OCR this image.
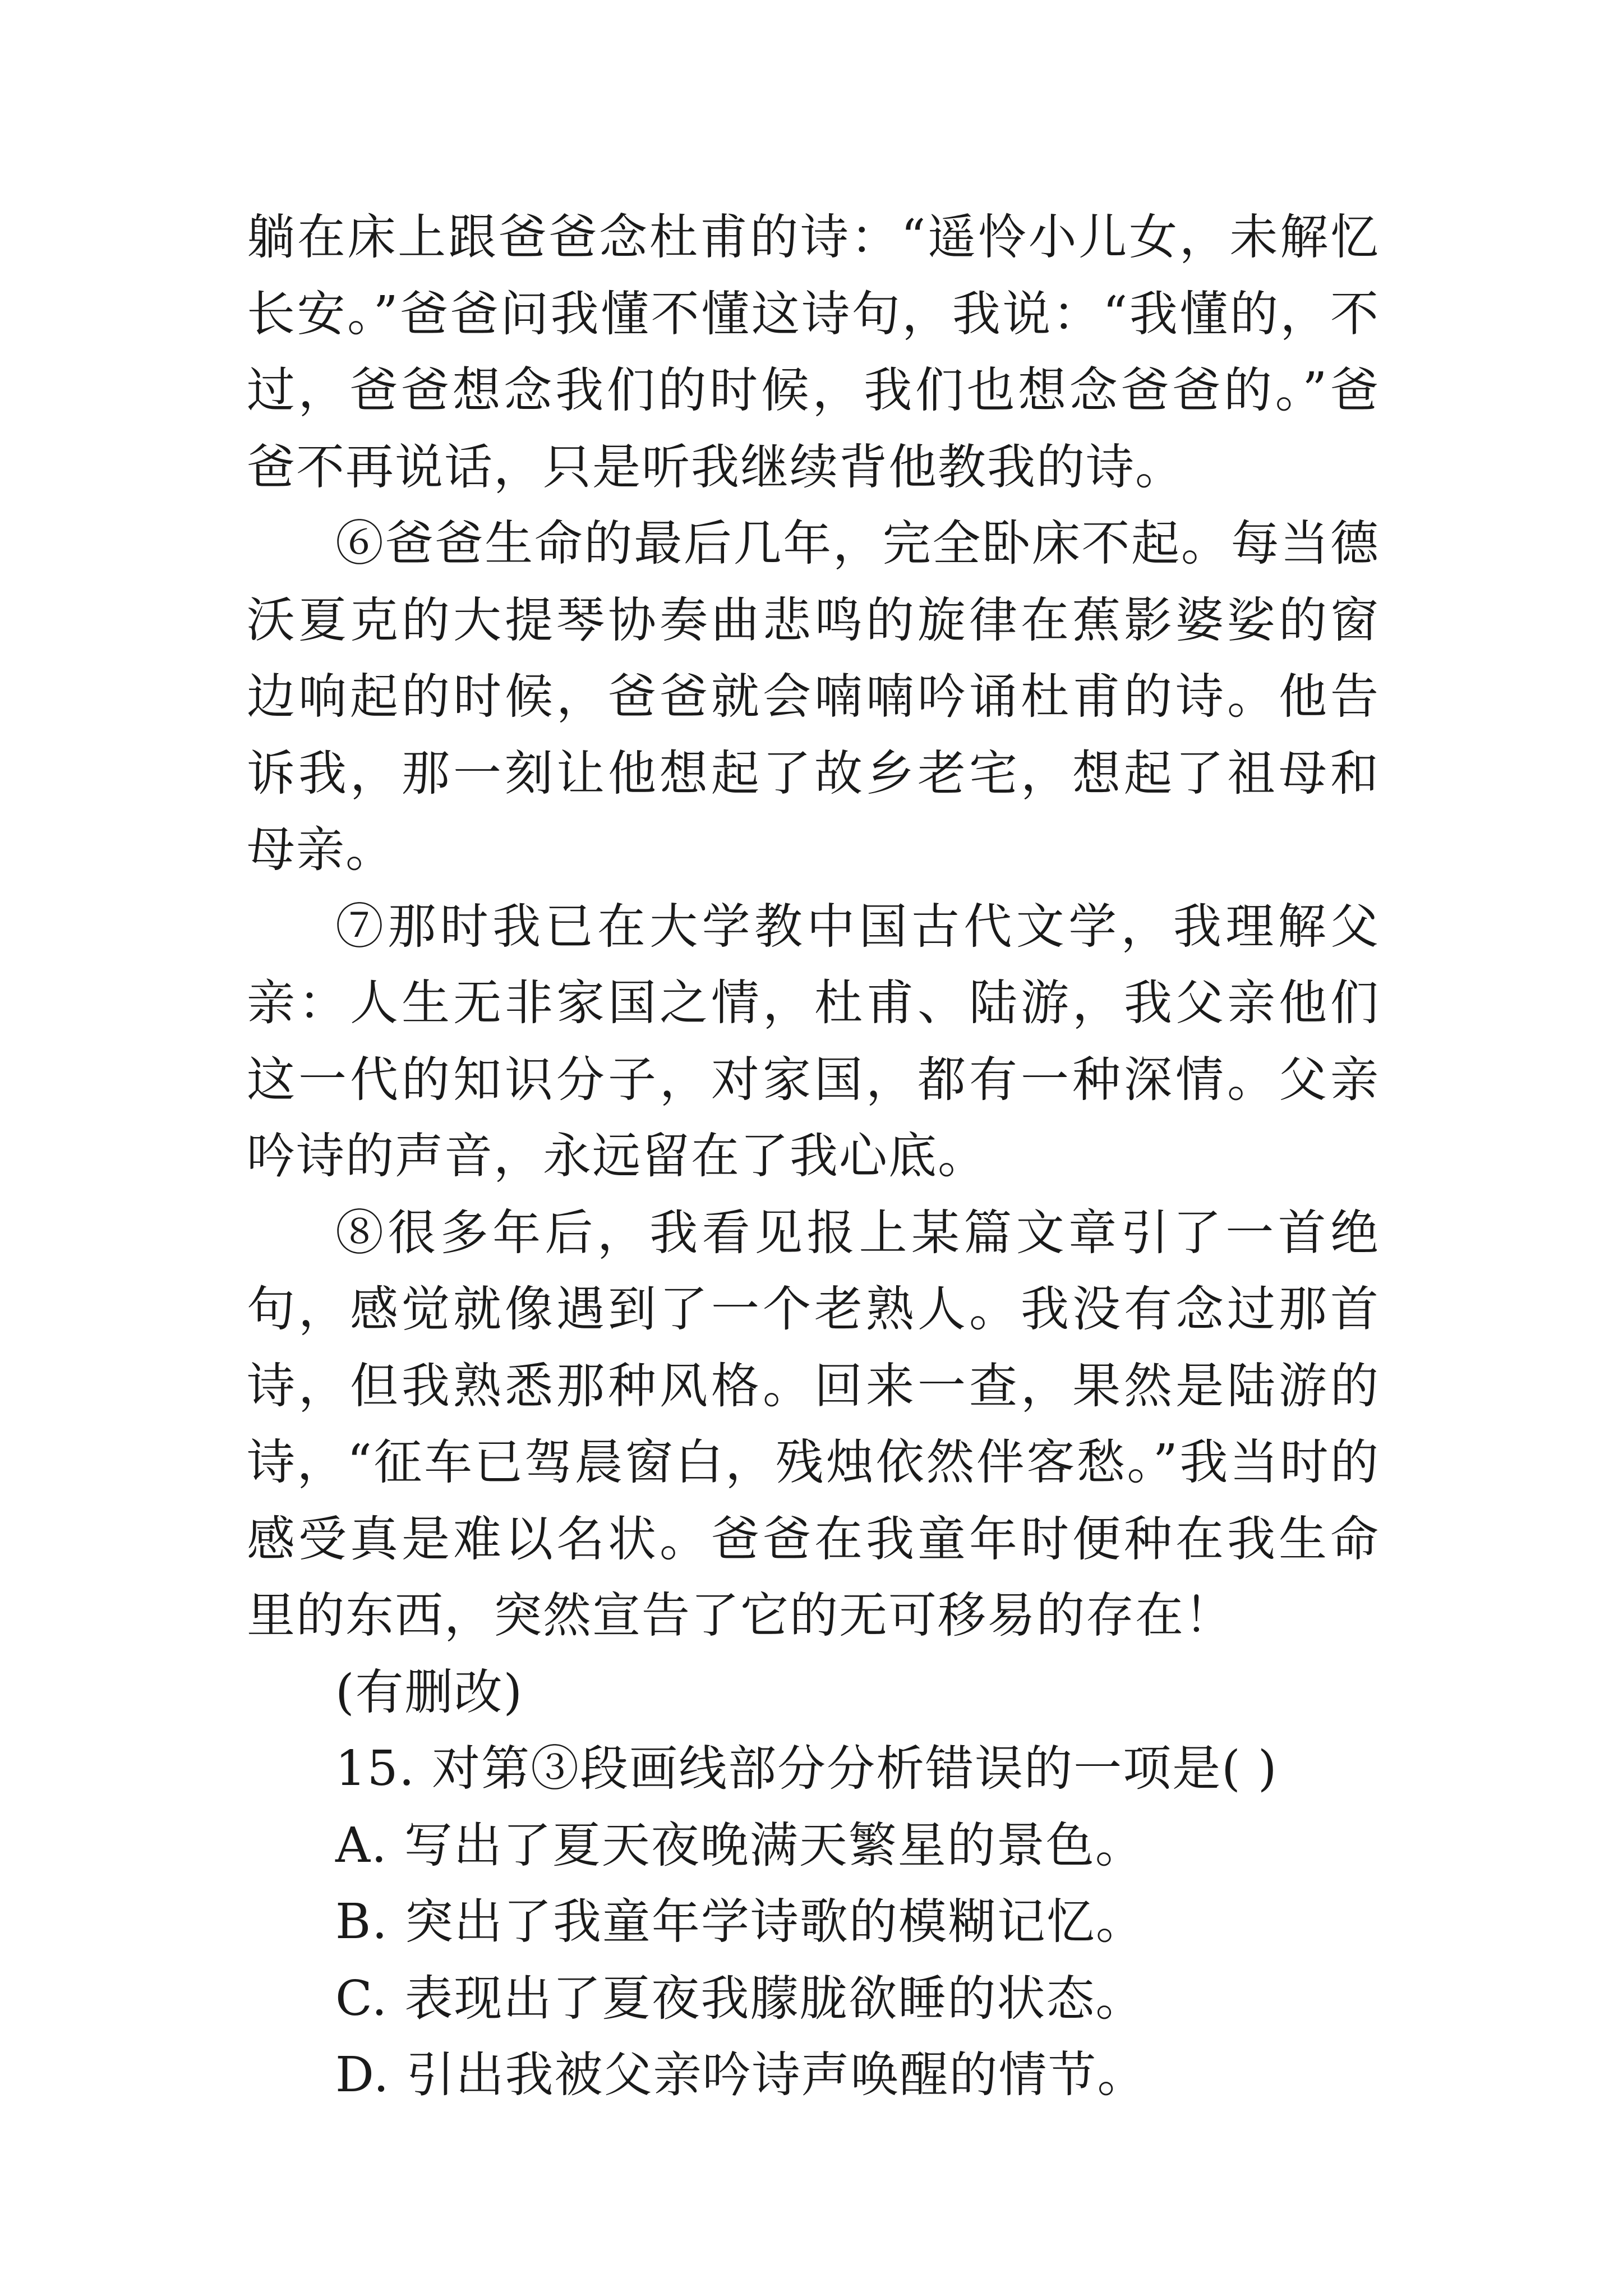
躺在床上跟爸爸念杜甫的诗：“遥怜小儿女，未解忆长安。”爸爸问我懂不懂这诗句，我说：“我懂的，不过，爸爸想念我们的时候，我们也想念爸爸的。”爸爸不再说话，只是听我继续背他教我的诗。

⑥爸爸生命的最后几年，完全卧床不起。每当德沃夏克的大提琴协奏曲悲鸣的旋律在蕉影婆娑的窗边响起的时候，爸爸就会喃喃吟诵杜甫的诗。他告诉我，那一刻让他想起了故乡老宅，想起了祖母和母亲。

⑦那时我已在大学教中国古代文学，我理解父亲：人生无非家国之情，杜甫、陆游，我父亲他们这一代的知识分子，对家国，都有一种深情。父亲吟诗的声音，永远留在了我心底。

⑧很多年后，我看见报上某篇文章引了一首绝句，感觉就像遇到了一个老熟人。我没有念过那首诗，但我熟悉那种风格。回来一查，果然是陆游的诗，“征车已驾晨窗白，残烛依然伴客愁。”我当时的感受真是难以名状。爸爸在我童年时便种在我生命里的东西，突然宣告了它的无可移易的存在！

(有删改)

15. 对第③段画线部分分析错误的一项是( )

A. 写出了夏天夜晚满天繁星的景色。

B. 突出了我童年学诗歌的模糊记忆。

C. 表现出了夏夜我朦胧欲睡的状态。

D. 引出我被父亲吟诗声唤醒的情节。
